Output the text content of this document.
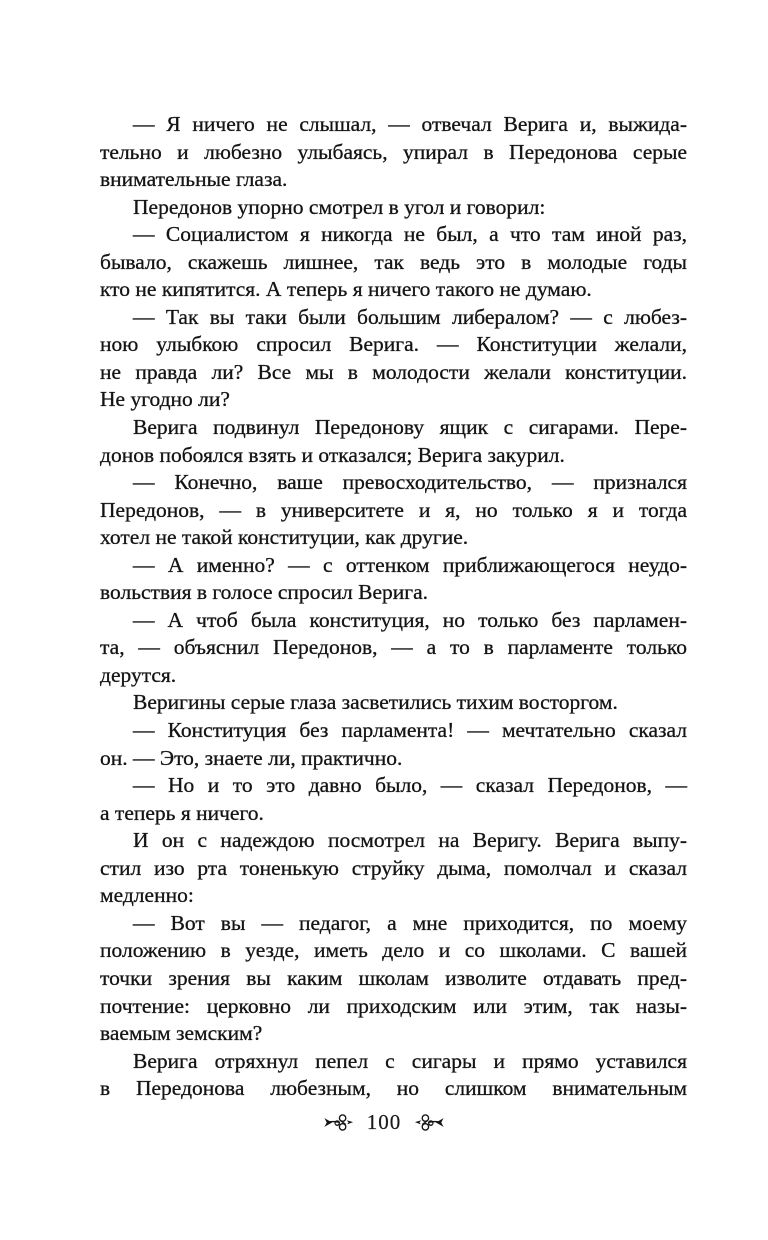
— Я ничего не слышал, — отвечал Верига и, выжида-
тельно и любезно улыбаясь, упирал в Передонова серые
внимательные глаза.
Передонов упорно смотрел в угол и говорил:
— Социалистом я никогда не был, а что там иной раз,
бывало, скажешь лишнее, так ведь это в молодые годы
кто не кипятится. А теперь я ничего такого не думаю.
— Так вы таки были большим либералом? — с любез-
ною улыбкою спросил Верига. — Конституции желали,
не правда ли? Все мы в молодости желали конституции.
Не угодно ли?
Верига подвинул Передонову ящик с сигарами. Пере-
донов побоялся взять и отказался; Верига закурил.
— Конечно, ваше превосходительство, — признался
Передонов, — в университете и я, но только я и тогда
хотел не такой конституции, как другие.
— А именно? — с оттенком приближающегося неудо-
вольствия в голосе спросил Верига.
— А чтоб была конституция, но только без парламен-
та, — объяснил Передонов, — а то в парламенте только
дерутся.
Веригины серые глаза засветились тихим восторгом.
— Конституция без парламента! — мечтательно сказал
он. — Это, знаете ли, практично.
— Но и то это давно было, — сказал Передонов, —
а теперь я ничего.
И он с надеждою посмотрел на Веригу. Верига выпу-
стил изо рта тоненькую струйку дыма, помолчал и сказал
медленно:
— Вот вы — педагог, а мне приходится, по моему
положению в уезде, иметь дело и со школами. С вашей
точки зрения вы каким школам изволите отдавать пред-
почтение: церковно ли приходским или этим, так назы-
ваемым земским?
Верига отряхнул пепел с сигары и прямо уставился
в Передонова любезным, но слишком внимательным
100
